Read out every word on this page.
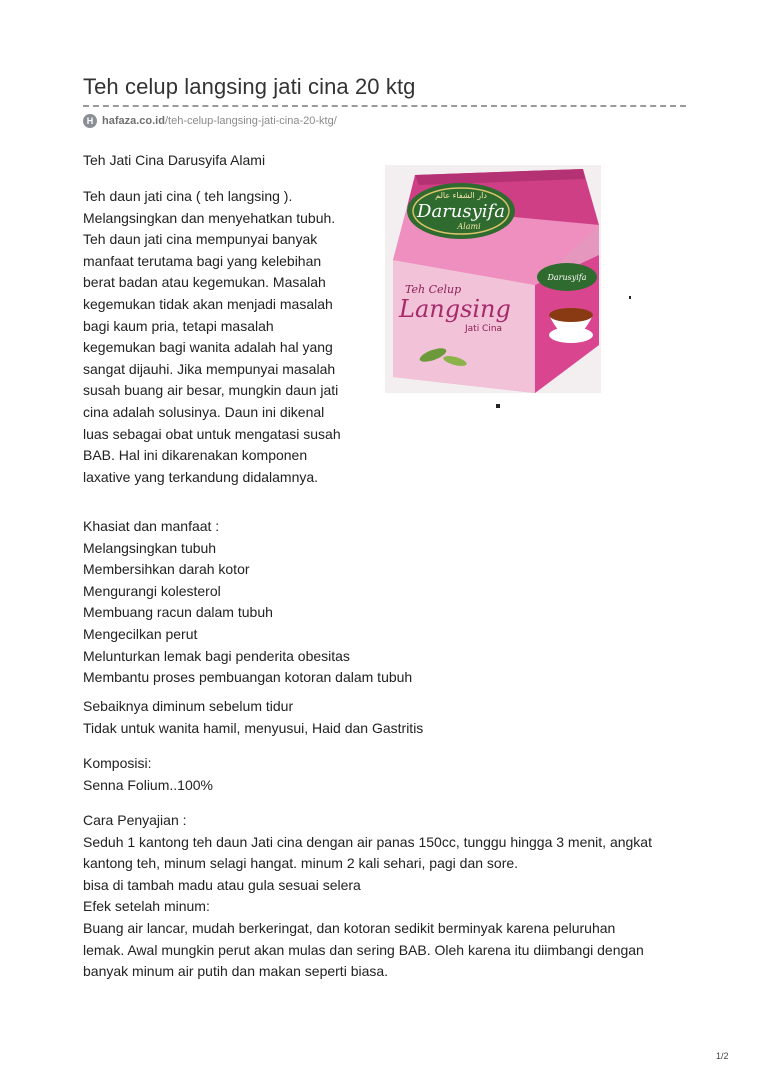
Teh celup langsing jati cina 20 ktg
H hafaza.co.id /teh-celup-langsing-jati-cina-20-ktg/

Teh Jati Cina Darusyifa Alami

Teh daun jati cina ( teh langsing ).
Melangsingkan dan menyehatkan tubuh.
Teh daun jati cina mempunyai banyak
manfaat terutama bagi yang kelebihan
berat badan atau kegemukan. Masalah
kegemukan tidak akan menjadi masalah
bagi kaum pria, tetapi masalah
kegemukan bagi wanita adalah hal yang
sangat dijauhi. Jika mempunyai masalah
susah buang air besar, mungkin daun jati
cina adalah solusinya. Daun ini dikenal
luas sebagai obat untuk mengatasi susah
BAB. Hal ini dikarenakan komponen
laxative yang terkandung didalamnya.
دار الشفاء عالم
Darusyifa
Alami
Teh Celup
Langsing
Jati Cina
Darusyifa
Khasiat dan manfaat :
Melangsingkan tubuh
Membersihkan darah kotor
Mengurangi kolesterol
Membuang racun dalam tubuh
Mengecilkan perut
Melunturkan lemak bagi penderita obesitas
Membantu proses pembuangan kotoran dalam tubuh
Sebaiknya diminum sebelum tidur
Tidak untuk wanita hamil, menyusui, Haid dan Gastritis
Komposisi:
Senna Folium..100%
Cara Penyajian :
Seduh 1 kantong teh daun Jati cina dengan air panas 150cc, tunggu hingga 3 menit, angkat
kantong teh, minum selagi hangat. minum 2 kali sehari, pagi dan sore.
bisa di tambah madu atau gula sesuai selera
Efek setelah minum:
Buang air lancar, mudah berkeringat, dan kotoran sedikit berminyak karena peluruhan
lemak. Awal mungkin perut akan mulas dan sering BAB. Oleh karena itu diimbangi dengan
banyak minum air putih dan makan seperti biasa.
1/2
